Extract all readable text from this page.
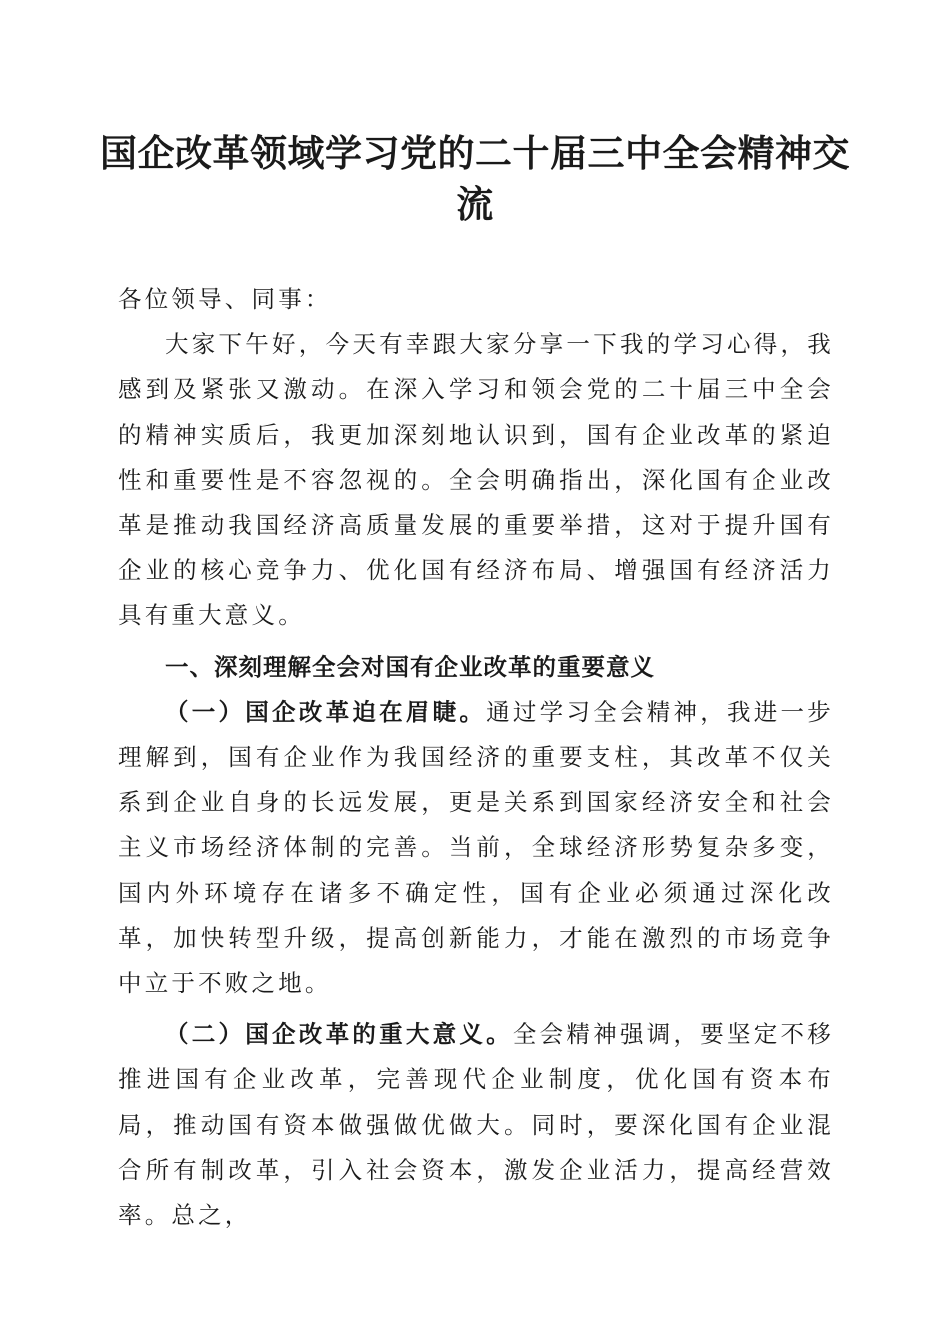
国企改革领域学习党的二十届三中全会精神交流

各位领导、同事：

大家下午好，今天有幸跟大家分享一下我的学习心得，我感到及紧张又激动。在深入学习和领会党的二十届三中全会的精神实质后，我更加深刻地认识到，国有企业改革的紧迫性和重要性是不容忽视的。全会明确指出，深化国有企业改革是推动我国经济高质量发展的重要举措，这对于提升国有企业的核心竞争力、优化国有经济布局、增强国有经济活力具有重大意义。

一、深刻理解全会对国有企业改革的重要意义

（一）国企改革迫在眉睫。通过学习全会精神，我进一步理解到，国有企业作为我国经济的重要支柱，其改革不仅关系到企业自身的长远发展，更是关系到国家经济安全和社会主义市场经济体制的完善。当前，全球经济形势复杂多变，国内外环境存在诸多不确定性，国有企业必须通过深化改革，加快转型升级，提高创新能力，才能在激烈的市场竞争中立于不败之地。

（二）国企改革的重大意义。全会精神强调，要坚定不移推进国有企业改革，完善现代企业制度，优化国有资本布局，推动国有资本做强做优做大。同时，要深化国有企业混合所有制改革，引入社会资本，激发企业活力，提高经营效率。总之，
